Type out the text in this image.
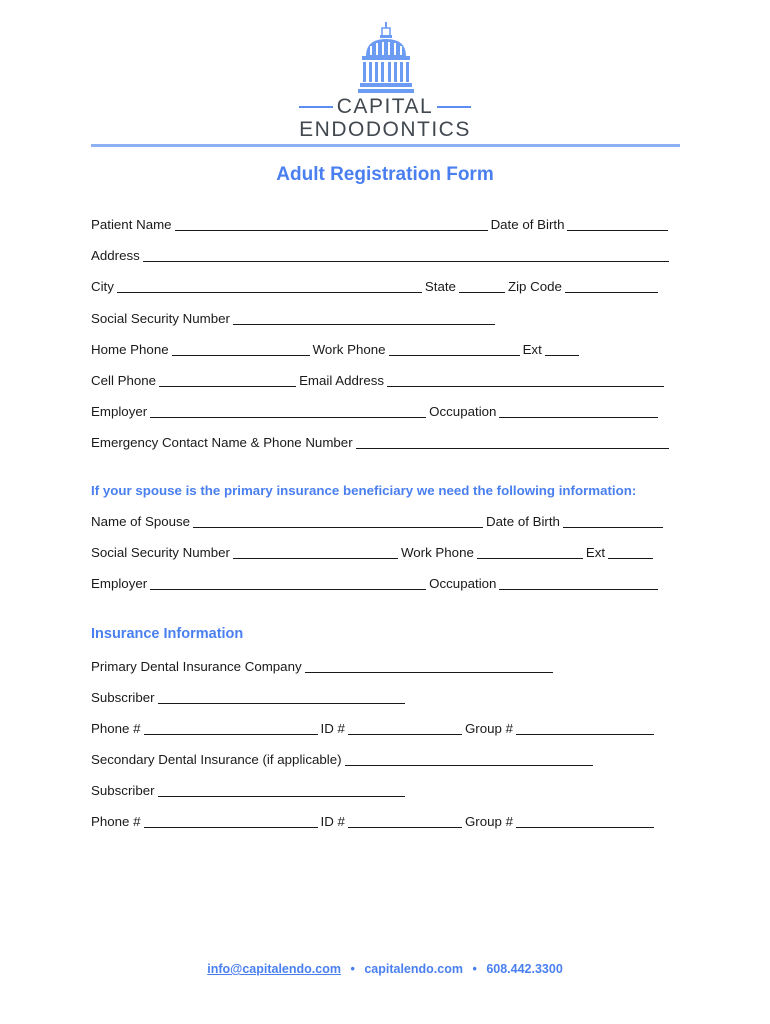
CAPITAL
ENDODONTICS
Adult Registration Form
Patient Name	Date of Birth
Address
City	State	Zip Code
Social Security Number
Home Phone	Work Phone	Ext
Cell Phone	Email Address
Employer	Occupation
Emergency Contact Name & Phone Number
If your spouse is the primary insurance beneficiary we need the following information:
Name of Spouse	Date of Birth
Social Security Number	Work Phone	Ext
Employer	Occupation
Insurance Information
Primary Dental Insurance Company
Subscriber
Phone #	ID #	Group #
Secondary Dental Insurance (if applicable)
Subscriber
Phone #	ID #	Group #
info@capitalendo.com • capitalendo.com • 608.442.3300
